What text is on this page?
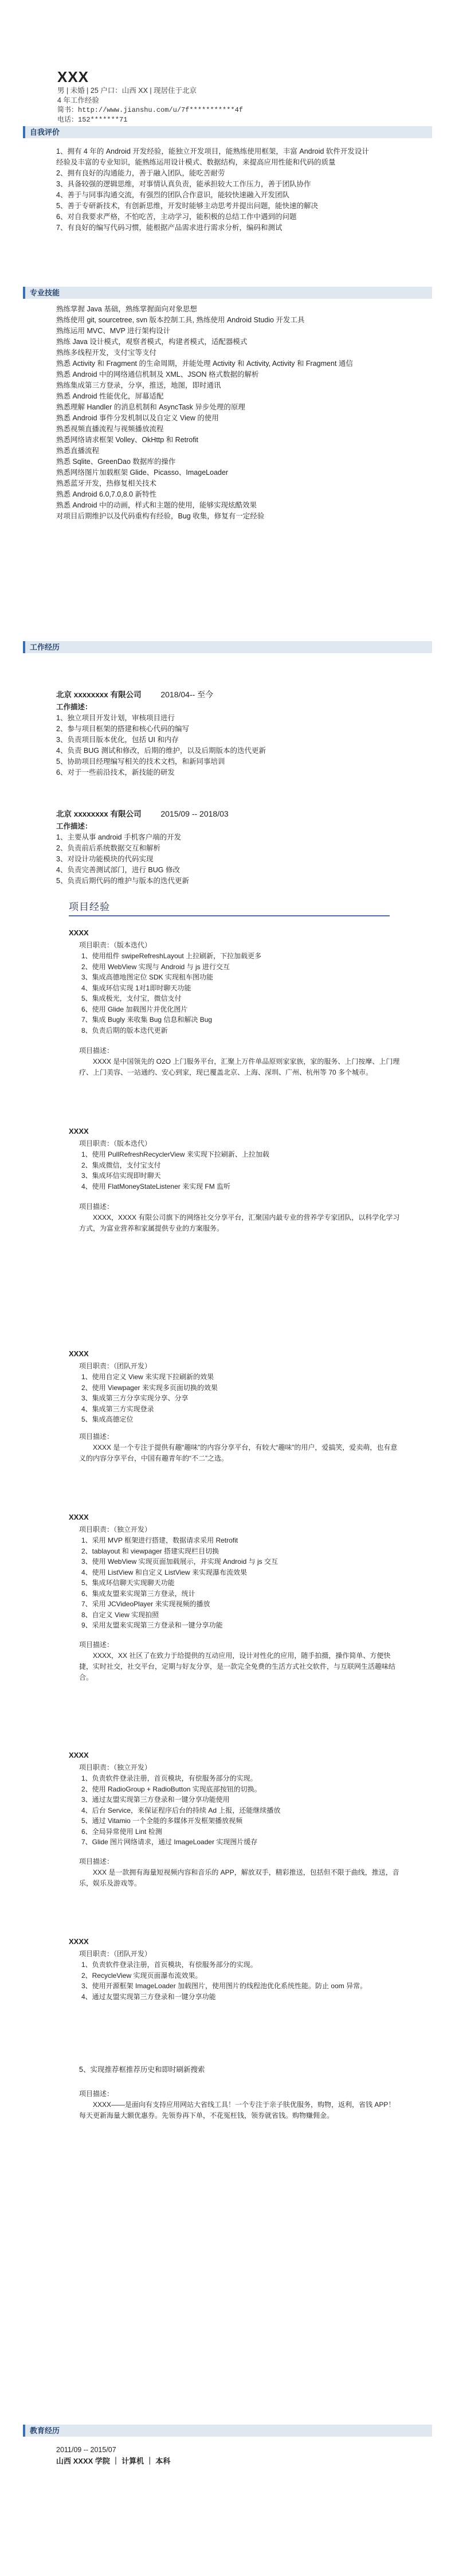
XXX
男 | 未婚 | 25 户口：山西 XX | 现居住于北京
4 年工作经验
简书：http://www.jianshu.com/u/7f***********4f
电话：152*******71
自我评价
1、拥有 4 年的 Android 开发经验，能独立开发项目，能熟练使用框架，丰富 Android 软件开发设计
经验及丰富的专业知识，能熟练运用设计模式、数据结构，来提高应用性能和代码的质量
2、拥有良好的沟通能力，善于融入团队，能吃苦耐劳
3、具备较强的逻辑思维，对事情认真负责，能承担较大工作压力，善于团队协作
4、善于与同事沟通交流，有强烈的团队合作意识，能较快速融入开发团队
5、善于专研新技术，有创新思维，开发时能够主动思考并提出问题，能快速的解决
6、对自我要求严格，不怕吃苦，主动学习，能积极的总结工作中遇到的问题
7、有良好的编写代码习惯，能根据产品需求进行需求分析，编码和测试
专业技能
熟练掌握 Java 基础，熟练掌握面向对象思想
熟练使用 git, sourcetree, svn 版本控制工具, 熟练使用 Android Studio 开发工具
熟练运用 MVC、MVP 进行架构设计
熟练 Java 设计模式，观察者模式，构建者模式，适配器模式
熟练多线程开发，支付宝等支付
熟悉 Activity 和 Fragment 的生命周期，并能处理 Activity 和 Activity, Activity 和 Fragment 通信
熟悉 Android 中的网络通信机制及 XML、JSON 格式数据的解析
熟练集成第三方登录，分享，推送，地图，即时通讯
熟悉 Android 性能优化，屏幕适配
熟悉理解 Handler 的消息机制和 AsyncTask 异步处理的原理
熟悉 Android 事件分发机制以及自定义 View 的使用
熟悉视频直播流程与视频播放流程
熟悉网络请求框架 Volley、OkHttp 和 Retrofit
熟悉直播流程
熟悉 Sqlite、GreenDao 数据库的操作
熟悉网络图片加载框架 Glide、Picasso、ImageLoader
熟悉蓝牙开发，热修复相关技术
熟悉 Android 6.0,7.0,8.0 新特性
熟悉 Android 中的动画，样式和主题的使用，能够实现炫酷效果
对项目后期维护以及代码重构有经验，Bug 收集，修复有一定经验
工作经历
北京 xxxxxxxx 有限公司 2018/04-- 至今
工作描述：
1、独立项目开发计划，审核项目进行
2、参与项目框架的搭建和核心代码的编写
3、负责项目版本优化，包括 UI 和内存
4、负责 BUG 测试和修改，后期的维护，以及后期版本的迭代更新
5、协助项目经理编写相关的技术文档，和新同事培训
6、对于一些前沿技术，新技能的研发
北京 xxxxxxxx 有限公司 2015/09 -- 2018/03
工作描述：
1、主要从事 android 手机客户端的开发
2、负责前后系统数据交互和解析
3、对设计功能模块的代码实现
4、负责完善测试部门，进行 BUG 修改
5、负责后期代码的维护与版本的迭代更新
项目经验
XXXX
项目职责：（版本迭代）
1、使用组件 swipeRefreshLayout 上拉刷新，下拉加载更多
2、使用 WebView 实现与 Android 与 js 进行交互
3、集成高德地图定位 SDK 实现租车图功能
4、集成环信实现 1对1即时聊天功能
5、集成极光，支付宝，微信支付
6、使用 Glide 加载图片并优化图片
7、集成 Bugly 来收集 Bug 信息和解决 Bug
8、负责后期的版本迭代更新
项目描述：
XXXX 是中国领先的 O2O 上门服务平台，汇聚上万件单品原则家家族，家的服务、上门按摩、上门理疗、上门美容、一站通约、安心到家，现已覆盖北京、上海、深圳、广州、杭州等 70 多个城市。
XXXX
项目职责：（版本迭代）
1、使用 PullRefreshRecyclerView 来实现下拉刷新、上拉加载
2、集成微信，支付宝支付
3、集成环信实现即时聊天
4、使用 FlatMoneyStateListener 来实现 FM 监听
项目描述：
XXXX，XXXX 有限公司旗下的网络社交分享平台，汇聚国内最专业的营养学专家团队，以科学化学习方式，为富业营养和家属提供专业的方案服务。
XXXX
项目职责：（团队开发）
1、使用自定义 View 来实现下拉刷新的效果
2、使用 Viewpager 来实现多页面切换的效果
3、集成第三方分享实现分享、分享
4、集成第三方实现登录
5、集成高德定位
项目描述：
XXXX 是一个专注于提供有趣“趣味”的内容分享平台，有较大“趣味”的用户，爱搞笑，爱卖萌，也有意义的内容分享平台，中国有趣青年的“不二”之选。
XXXX
项目职责：（独立开发）
1、采用 MVP 框架进行搭建，数据请求采用 Retrofit
2、tablayout 和 viewpager 搭建实现栏目切换
3、使用 WebView 实现页面加载展示，并实现 Android 与 js 交互
4、使用 ListView 和自定义 ListView 来实现瀑布流效果
5、集成环信聊天实现聊天功能
6、集成友盟来实现第三方登录，统计
7、采用 JCVideoPlayer 来实现视频的播放
8、自定义 View 实现拍照
9、采用友盟来实现第三方登录和一键分享功能
项目描述：
XXXX，XX 社区了在致力于给提供的互动应用，设计对性化的应用，随手拍摄，操作简单、方便快捷，实时社交，社交平台，定期与好友分享，是一款完全免费的生活方式社交软件，与互联网生活趣味结合。
XXXX
项目职责：（独立开发）
1、负责软件登录注册，首页模块，有偿服务部分的实现。
2、使用 RadioGroup + RadioButton 实现底部按钮的切换。
3、通过友盟实现第三方登录和一键分享功能使用
4、后台 Service，来保证程序后台的持续 Ad 上报，还能继续播放
5、通过 Vitamio 一个全能的多媒体开发框架播放视频
6、全局异常使用 Lint 检测
7、Glide 图片网络请求，通过 ImageLoader 实现图片缓存
项目描述：
XXX 是一款拥有海量短视频内容和音乐的 APP，解放双手，精彩推送，包括但不限于曲线，推送，音乐，娱乐及游戏等。
XXXX
项目职责：（团队开发）
1、负责软件登录注册，首页模块，有偿服务部分的实现。
2、RecycleView 实现页面瀑布流效果。
3、使用开源框架 ImageLoader 加载图片，使用图片的线程池优化系统性能。防止 oom 异常。
4、通过友盟实现第三方登录和一键分享功能
5、实现推荐框推荐历史和即时刷新搜索
项目描述：
XXXX——是面向有支持应用网站大省线工具！一个专注于亲子肤优服务，购物，返利，省钱 APP！每天更新海量大额优惠券。先领券再下单，不花冤枉钱，领券就省钱。购物赚佣金。
教育经历
2011/09 -- 2015/07
山西 XXXX 学院 ｜ 计算机 ｜ 本科
